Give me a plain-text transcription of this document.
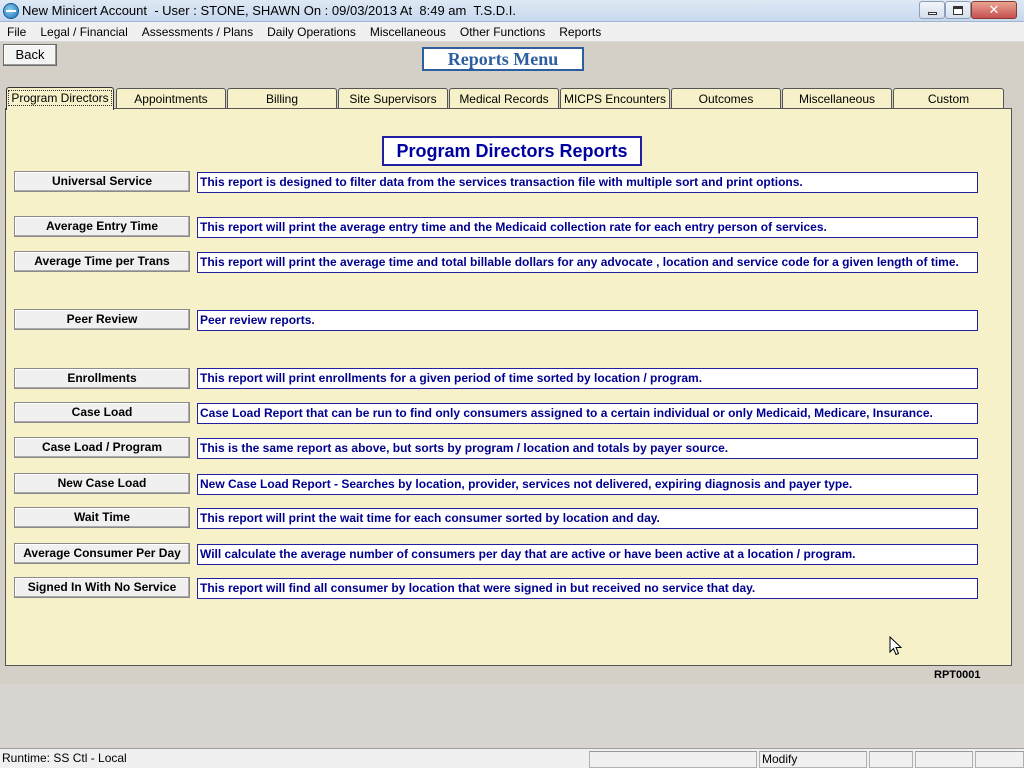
New Minicert Account  - User : STONE, SHAWN On : 09/03/2013 At  8:49 am  T.S.D.I.	✕
File	Legal / Financial	Assessments / Plans	Daily Operations	Miscellaneous	Other Functions	Reports
Back	Reports Menu
Program Directors	Appointments	Billing	Site Supervisors	Medical Records	MICPS Encounters	Outcomes	Miscellaneous	Custom
Program Directors Reports
Universal Service	This report is designed to filter data from the services transaction file with multiple sort and print options.
Average Entry Time	This report will print the average entry time and the Medicaid collection rate for each entry person of services.
Average Time per Trans	This report will print the average time and total billable dollars for any advocate , location and service code for a given length of time.
Peer Review	Peer review reports.
Enrollments	This report will print enrollments for a given period of time sorted by location / program.
Case Load	Case Load Report that can be run to find only consumers assigned to a certain individual or only Medicaid, Medicare, Insurance.
Case Load / Program	This is the same report as above, but sorts by program / location and totals by payer source.
New Case Load	New Case Load Report - Searches by location, provider, services not delivered, expiring diagnosis and payer type.
Wait Time	This report will print the wait time for each consumer sorted by location and day.
Average Consumer Per Day	Will calculate the average number of consumers per day that are active or have been active at a location / program.
Signed In With No Service	This report will find all consumer by location that were signed in but received no service that day.
RPT0001
Runtime: SS Ctl - Local	Modify
